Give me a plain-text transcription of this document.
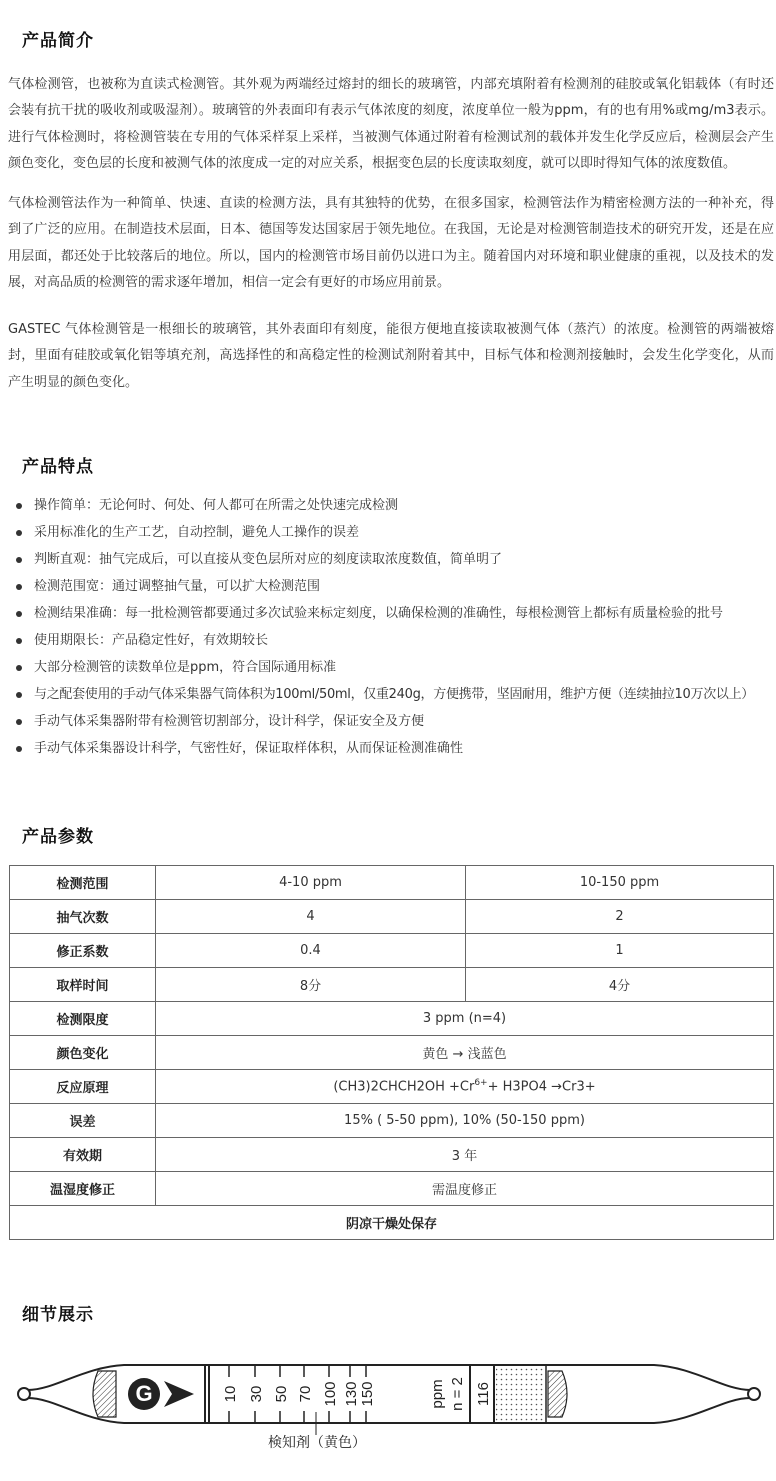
产品简介

气体检测管，也被称为直读式检测管。其外观为两端经过熔封的细长的玻璃管，内部充填附着有检测剂的硅胶或氧化铝载体（有时还会装有抗干扰的吸收剂或吸湿剂）。玻璃管的外表面印有表示气体浓度的刻度，浓度单位一般为ppm，有的也有用%或mg/m3表示。进行气体检测时，将检测管装在专用的气体采样泵上采样，当被测气体通过附着有检测试剂的载体并发生化学反应后，检测层会产生颜色变化，变色层的长度和被测气体的浓度成一定的对应关系，根据变色层的长度读取刻度，就可以即时得知气体的浓度数值。

气体检测管法作为一种简单、快速、直读的检测方法，具有其独特的优势，在很多国家，检测管法作为精密检测方法的一种补充，得到了广泛的应用。在制造技术层面，日本、德国等发达国家居于领先地位。在我国，无论是对检测管制造技术的研究开发，还是在应用层面，都还处于比较落后的地位。所以，国内的检测管市场目前仍以进口为主。随着国内对环境和职业健康的重视，以及技术的发展，对高品质的检测管的需求逐年增加，相信一定会有更好的市场应用前景。

GASTEC 气体检测管是一根细长的玻璃管，其外表面印有刻度，能很方便地直接读取被测气体（蒸汽）的浓度。检测管的两端被熔封，里面有硅胶或氧化铝等填充剂，高选择性的和高稳定性的检测试剂附着其中，目标气体和检测剂接触时，会发生化学变化，从而产生明显的颜色变化。

产品特点
操作简单：无论何时、何处、何人都可在所需之处快速完成检测
采用标准化的生产工艺，自动控制，避免人工操作的误差
判断直观：抽气完成后，可以直接从变色层所对应的刻度读取浓度数值，简单明了
检测范围宽：通过调整抽气量，可以扩大检测范围
检测结果准确：每一批检测管都要通过多次试验来标定刻度，以确保检测的准确性，每根检测管上都标有质量检验的批号
使用期限长：产品稳定性好，有效期较长
大部分检测管的读数单位是ppm，符合国际通用标准
与之配套使用的手动气体采集器气筒体积为100ml/50ml，仅重240g，方便携带，坚固耐用，维护方便（连续抽拉10万次以上）
手动气体采集器附带有检测管切割部分，设计科学，保证安全及方便
手动气体采集器设计科学，气密性好，保证取样体积，从而保证检测准确性
产品参数
检测范围	4-10 ppm	10-150 ppm
抽气次数	4	2
修正系数	0.4	1
取样时间	8分	4分
检测限度	3 ppm (n=4)	
颜色变化	黄色 → 浅蓝色	
反应原理	(CH3)2CHCH2OH $+Cr^{6+}+ H3PO4 \to Cr3+$	
误差	15% ( 5-50 ppm), 10% (50-150 ppm)	
有效期	3 年	
温湿度修正	需温度修正	
阴凉干燥处保存		
细节展示
G	10 30 50 70 100 130 150	ppm n = 2 116
検知剤（黄色）
